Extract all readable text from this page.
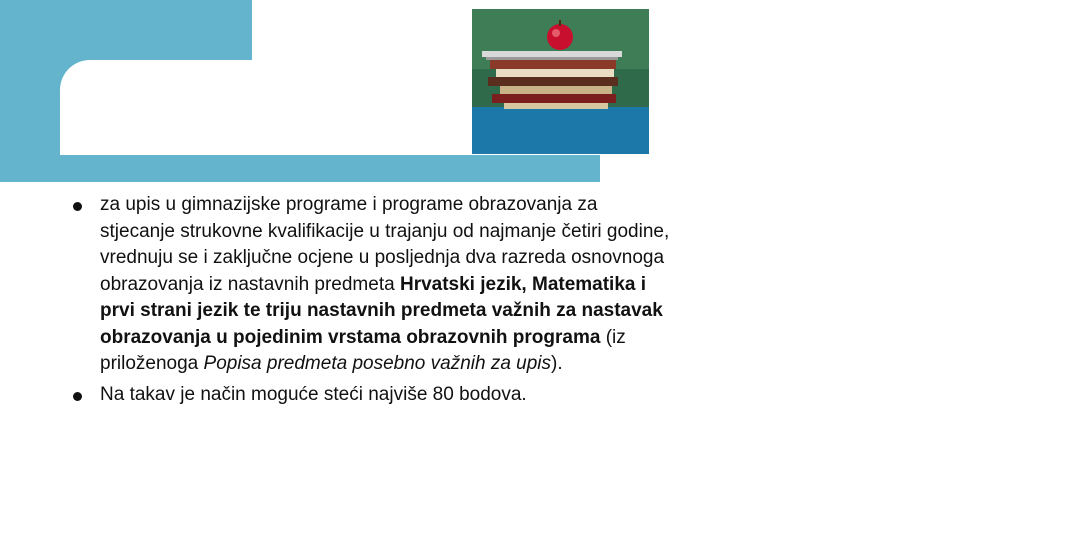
UPISI U
SREDNJU ŠKOLU
za upis u gimnazijske programe i programe obrazovanja za stjecanje strukovne kvalifikacije u trajanju od najmanje četiri godine, vrednuju se i zaključne ocjene u posljednja dva razreda osnovnoga obrazovanja iz nastavnih predmeta Hrvatski jezik, Matematika i prvi strani jezik te triju nastavnih predmeta važnih za nastavak obrazovanja u pojedinim vrstama obrazovnih programa (iz priloženoga Popisa predmeta posebno važnih za upis).
Na takav je način moguće steći najviše 80 bodova.
